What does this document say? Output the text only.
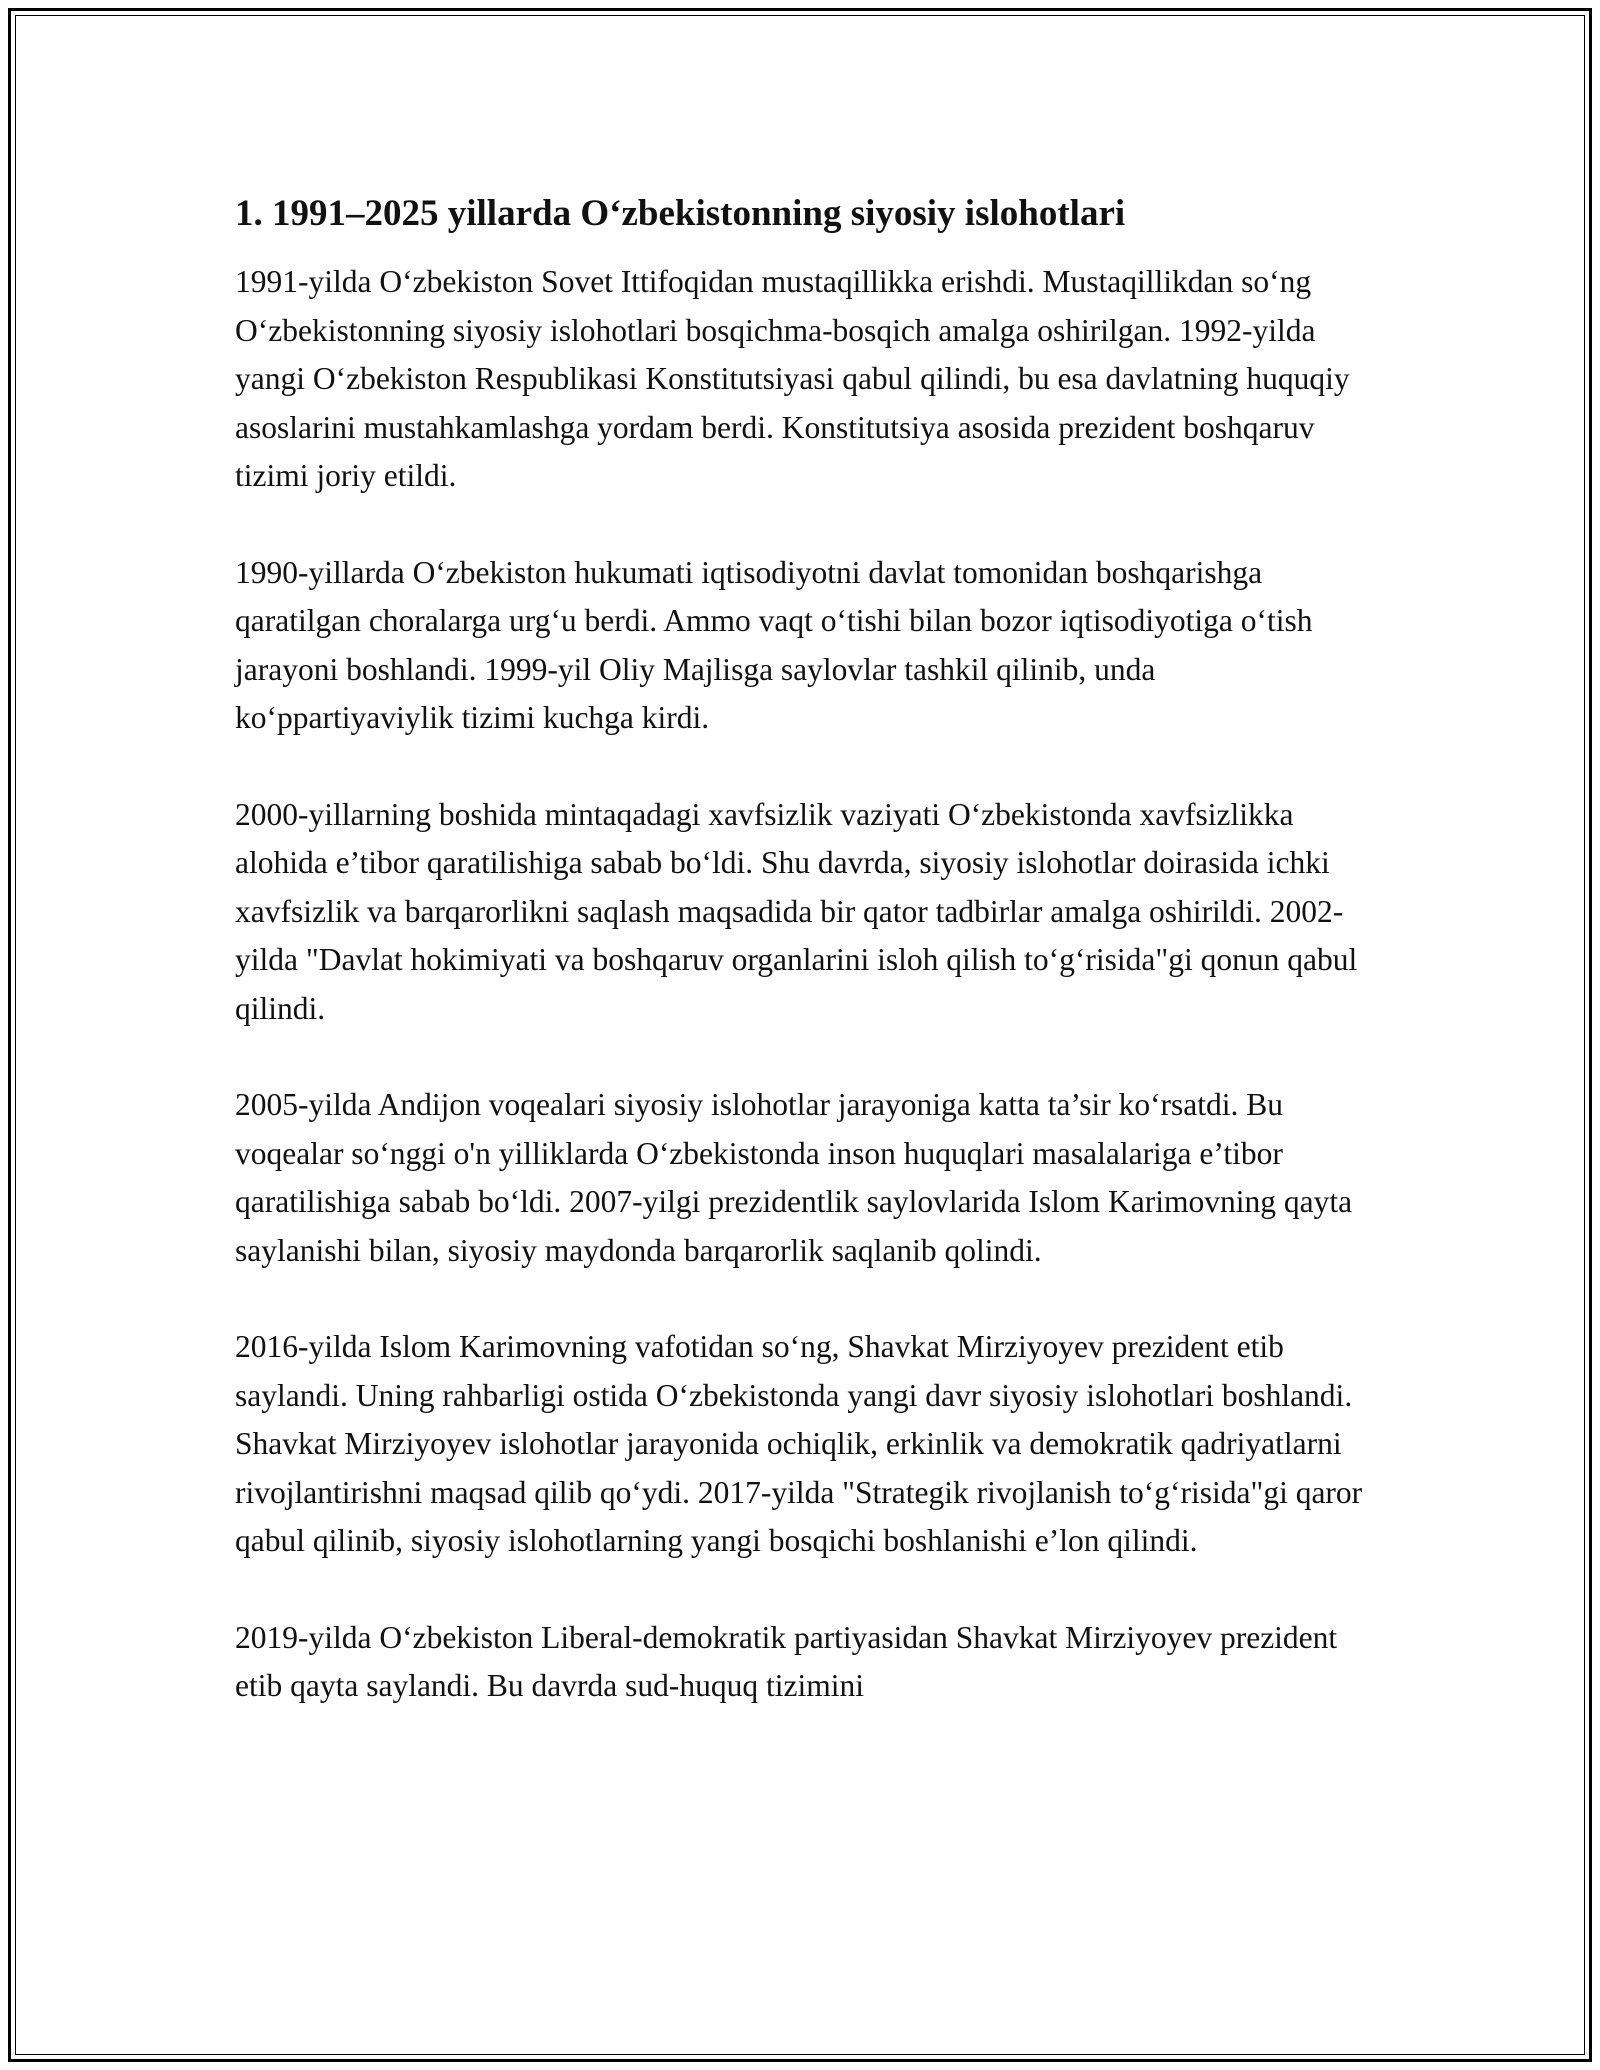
1. 1991–2025 yillarda O‘zbekistonning siyosiy islohotlari

1991-yilda O‘zbekiston Sovet Ittifoqidan mustaqillikka erishdi. Mustaqillikdan so‘ng O‘zbekistonning siyosiy islohotlari bosqichma-bosqich amalga oshirilgan. 1992-yilda yangi O‘zbekiston Respublikasi Konstitutsiyasi qabul qilindi, bu esa davlatning huquqiy asoslarini mustahkamlashga yordam berdi. Konstitutsiya asosida prezident boshqaruv tizimi joriy etildi.

1990-yillarda O‘zbekiston hukumati iqtisodiyotni davlat tomonidan boshqarishga qaratilgan choralarga urg‘u berdi. Ammo vaqt o‘tishi bilan bozor iqtisodiyotiga o‘tish jarayoni boshlandi. 1999-yil Oliy Majlisga saylovlar tashkil qilinib, unda ko‘ppartiyaviylik tizimi kuchga kirdi.

2000-yillarning boshida mintaqadagi xavfsizlik vaziyati O‘zbekistonda xavfsizlikka alohida e’tibor qaratilishiga sabab bo‘ldi. Shu davrda, siyosiy islohotlar doirasida ichki xavfsizlik va barqarorlikni saqlash maqsadida bir qator tadbirlar amalga oshirildi. 2002-yilda "Davlat hokimiyati va boshqaruv organlarini isloh qilish to‘g‘risida"gi qonun qabul qilindi.

2005-yilda Andijon voqealari siyosiy islohotlar jarayoniga katta ta’sir ko‘rsatdi. Bu voqealar so‘nggi o'n yilliklarda O‘zbekistonda inson huquqlari masalalariga e’tibor qaratilishiga sabab bo‘ldi. 2007-yilgi prezidentlik saylovlarida Islom Karimovning qayta saylanishi bilan, siyosiy maydonda barqarorlik saqlanib qolindi.

2016-yilda Islom Karimovning vafotidan so‘ng, Shavkat Mirziyoyev prezident etib saylandi. Uning rahbarligi ostida O‘zbekistonda yangi davr siyosiy islohotlari boshlandi. Shavkat Mirziyoyev islohotlar jarayonida ochiqlik, erkinlik va demokratik qadriyatlarni rivojlantirishni maqsad qilib qo‘ydi. 2017-yilda "Strategik rivojlanish to‘g‘risida"gi qaror qabul qilinib, siyosiy islohotlarning yangi bosqichi boshlanishi e’lon qilindi.

2019-yilda O‘zbekiston Liberal-demokratik partiyasidan Shavkat Mirziyoyev prezident etib qayta saylandi. Bu davrda sud-huquq tizimini
